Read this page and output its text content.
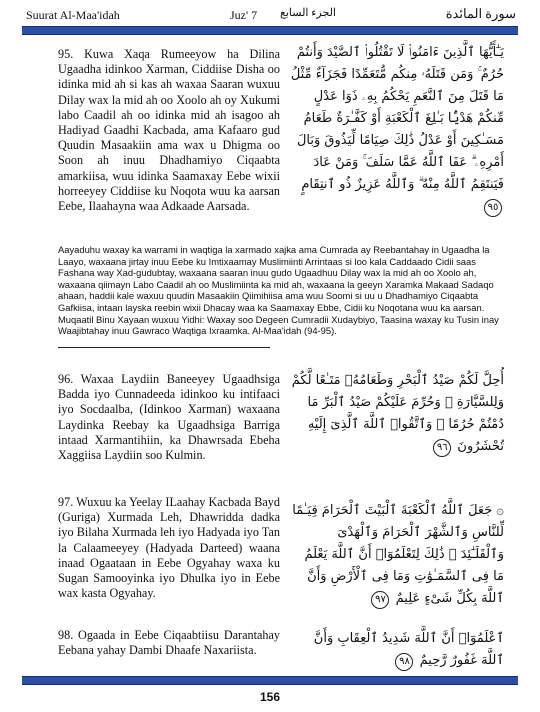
Suurat Al-Maa'idah	Juz' 7 الجزء السابع	سورة المائدة
95. Kuwa Xaqa Rumeeyow ha Dilina Ugaadha idinkoo Xarman, Ciddiise Disha oo idinka mid ah si kas ah waxaa Saaran wuxuu Dilay wax la mid ah oo Xoolo ah oy Xukumi labo Caadil ah oo idinka mid ah isagoo ah Hadiyad Gaadhi Kacbada, ama Kafaaro gud Quudin Masaakiin ama wax u Dhigma oo Soon ah inuu Dhadhamiyo Ciqaabta amarkiisa, wuu idinka Saamaxay Eebe wixii horreeyey Ciddiise ku Noqota wuu ka aarsan Eebe, Ilaahayna waa Adkaade Aarsada.
يَـٰٓأَيُّهَا ٱلَّذِينَ ءَامَنُوا۟ لَا تَقْتُلُوا۟ ٱلصَّيْدَ وَأَنتُمْ حُرُمٌ ۚ وَمَن قَتَلَهُۥ مِنكُم مُّتَعَمِّدًا فَجَزَآءٌ مِّثْلُ مَا قَتَلَ مِنَ ٱلنَّعَمِ يَحْكُمُ بِهِۦ ذَوَا عَدْلٍ مِّنكُمْ هَدْيًۢا بَـٰلِغَ ٱلْكَعْبَةِ أَوْ كَفَّـٰرَةٌ طَعَامُ مَسَـٰكِينَ أَوْ عَدْلُ ذَٰلِكَ صِيَامًا لِّيَذُوقَ وَبَالَ أَمْرِهِۦ ۗ عَفَا ٱللَّهُ عَمَّا سَلَفَ ۚ وَمَنْ عَادَ فَيَنتَقِمُ ٱللَّهُ مِنْهُ ۗ وَٱللَّهُ عَزِيزٌ ذُو ٱنتِقَامٍ ٩٥
Aayaduhu waxay ka warrami in waqtiga la xarmado xajka ama Cumrada ay Reebantahay in Ugaadha la Laayo, waxaana jirtay inuu Eebe ku Imtixaamay Muslimiinti Arrintaas si loo kala Caddaado Cidii saas Fashana way Xad-gudubtay, waxaana saaran inuu gudo Ugaadhuu Dilay wax la mid ah oo Xoolo ah, waxaana qiimayn Labo Caadil ah oo Muslimiinta ka mid ah, waxaana la geeyn Xaramka Makaad Sadaqo ahaan, haddii kale waxuu quudin Masaakiin Qiimihiisa ama wuu Soomi si uu u Dhadhamiyo Ciqaabta Gafkiisa, intaan layska reebin wixii Dhacay waa ka Saamaxay Ebbe, Cidii ku Noqotana wuu ka aarsan. Muqaatil Binu Xayaan wuxuu Yidhi: Waxay soo Degeen Cumradii Xudaybiyo, Taasina waxay ku Tusin inay Waajibtahay inuu Gawraco Waqtiga Ixraamka. Al-Maa'idah (94-95).
96. Waxaa Laydiin Baneeyey Ugaadhsiga Badda iyo Cunnadeeda idinkoo ku intifaaci iyo Socdaalba, (Idinkoo Xarman) waxaana Laydinka Reebay ka Ugaadhsiga Barriga intaad Xarmantihiin, ka Dhawrsada Ebeha Xaggiisa Laydiin soo Kulmin.
أُحِلَّ لَكُمْ صَيْدُ ٱلْبَحْرِ وَطَعَامُهُۥ مَتَـٰعًا لَّكُمْ وَلِلسَّيَّارَةِ ۖ وَحُرِّمَ عَلَيْكُمْ صَيْدُ ٱلْبَرِّ مَا دُمْتُمْ حُرُمًا ۗ وَٱتَّقُوا۟ ٱللَّهَ ٱلَّذِىٓ إِلَيْهِ تُحْشَرُونَ ٩٦
97. Wuxuu ka Yeelay ILaahay Kacbada Bayd (Guriga) Xurmada Leh, Dhawridda dadka iyo Bilaha Xurmada leh iyo Hadyada iyo Tan la Calaameeyey (Hadyada Darteed) waana inaad Ogaataan in Eebe Ogyahay waxa ku Sugan Samooyinka iyo Dhulka iyo in Eebe wax kasta Ogyahay.
۞ جَعَلَ ٱللَّهُ ٱلْكَعْبَةَ ٱلْبَيْتَ ٱلْحَرَامَ قِيَـٰمًا لِّلنَّاسِ وَٱلشَّهْرَ ٱلْحَرَامَ وَٱلْهَدْىَ وَٱلْقَلَـٰٓئِدَ ۚ ذَٰلِكَ لِتَعْلَمُوٓا۟ أَنَّ ٱللَّهَ يَعْلَمُ مَا فِى ٱلسَّمَـٰوَٰتِ وَمَا فِى ٱلْأَرْضِ وَأَنَّ ٱللَّهَ بِكُلِّ شَىْءٍ عَلِيمٌ ٩٧
98. Ogaada in Eebe Ciqaabtiisu Darantahay Eebana yahay Dambi Dhaafe Naxariista.
ٱعْلَمُوٓا۟ أَنَّ ٱللَّهَ شَدِيدُ ٱلْعِقَابِ وَأَنَّ ٱللَّهَ غَفُورٌ رَّحِيمٌ ٩٨
156
